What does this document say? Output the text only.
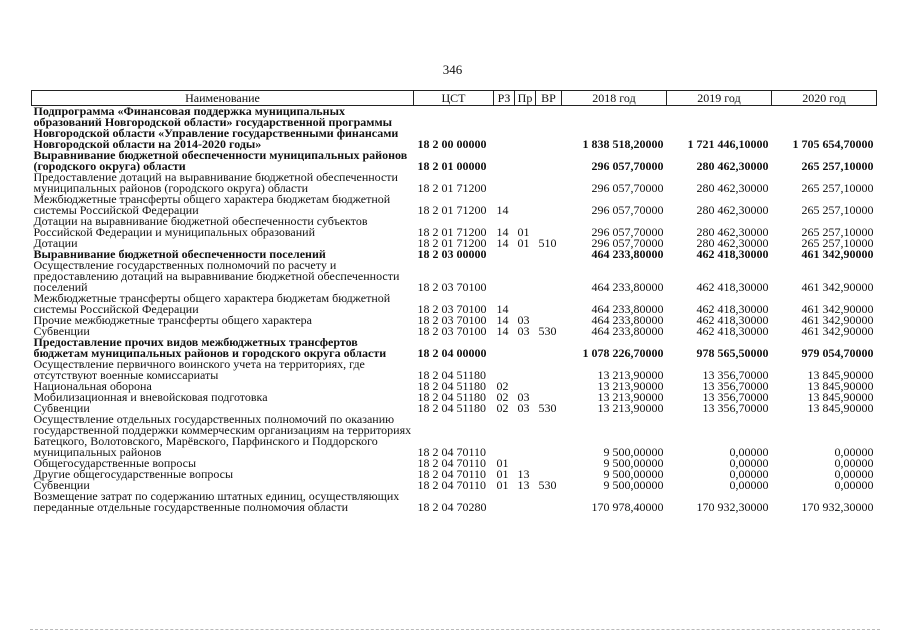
346
Наименование	ЦСТ	РЗ	Пр	ВР	2018 год	2019 год	2020 год
Подпрограмма «Финансовая поддержка муниципальных образований Новгородской области» государственной программы Новгородской области «Управление государственными финансами Новгородской области на 2014-2020 годы»	18 2 00 00000				1 838 518,20000	1 721 446,10000	1 705 654,70000
Выравнивание бюджетной обеспеченности муниципальных районов (городского округа) области	18 2 01 00000				296 057,70000	280 462,30000	265 257,10000
Предоставление дотаций на выравнивание бюджетной обеспеченности муниципальных районов (городского округа) области	18 2 01 71200				296 057,70000	280 462,30000	265 257,10000
Межбюджетные трансферты общего характера бюджетам бюджетной системы Российской Федерации	18 2 01 71200	14			296 057,70000	280 462,30000	265 257,10000
Дотации на выравнивание бюджетной обеспеченности субъектов Российской Федерации и муниципальных образований	18 2 01 71200	14	01		296 057,70000	280 462,30000	265 257,10000
Дотации	18 2 01 71200	14	01	510	296 057,70000	280 462,30000	265 257,10000
Выравнивание бюджетной обеспеченности поселений	18 2 03 00000				464 233,80000	462 418,30000	461 342,90000
Осуществление государственных полномочий по расчету и предоставлению дотаций на выравнивание бюджетной обеспеченности поселений	18 2 03 70100				464 233,80000	462 418,30000	461 342,90000
Межбюджетные трансферты общего характера бюджетам бюджетной системы Российской Федерации	18 2 03 70100	14			464 233,80000	462 418,30000	461 342,90000
Прочие межбюджетные трансферты общего характера	18 2 03 70100	14	03		464 233,80000	462 418,30000	461 342,90000
Субвенции	18 2 03 70100	14	03	530	464 233,80000	462 418,30000	461 342,90000
Предоставление прочих видов межбюджетных трансфертов бюджетам муниципальных районов и городского округа области	18 2 04 00000				1 078 226,70000	978 565,50000	979 054,70000
Осуществление первичного воинского учета на территориях, где отсутствуют военные комиссариаты	18 2 04 51180				13 213,90000	13 356,70000	13 845,90000
Национальная оборона	18 2 04 51180	02			13 213,90000	13 356,70000	13 845,90000
Мобилизационная и вневойсковая подготовка	18 2 04 51180	02	03		13 213,90000	13 356,70000	13 845,90000
Субвенции	18 2 04 51180	02	03	530	13 213,90000	13 356,70000	13 845,90000
Осуществление отдельных государственных полномочий по оказанию государственной поддержки коммерческим организациям на территориях Батецкого, Волотовского, Марёвского, Парфинского и Поддорского муниципальных районов	18 2 04 70110				9 500,00000	0,00000	0,00000
Общегосударственные вопросы	18 2 04 70110	01			9 500,00000	0,00000	0,00000
Другие общегосударственные вопросы	18 2 04 70110	01	13		9 500,00000	0,00000	0,00000
Субвенции	18 2 04 70110	01	13	530	9 500,00000	0,00000	0,00000
Возмещение затрат по содержанию штатных единиц, осуществляющих переданные отдельные государственные полномочия области	18 2 04 70280				170 978,40000	170 932,30000	170 932,30000
